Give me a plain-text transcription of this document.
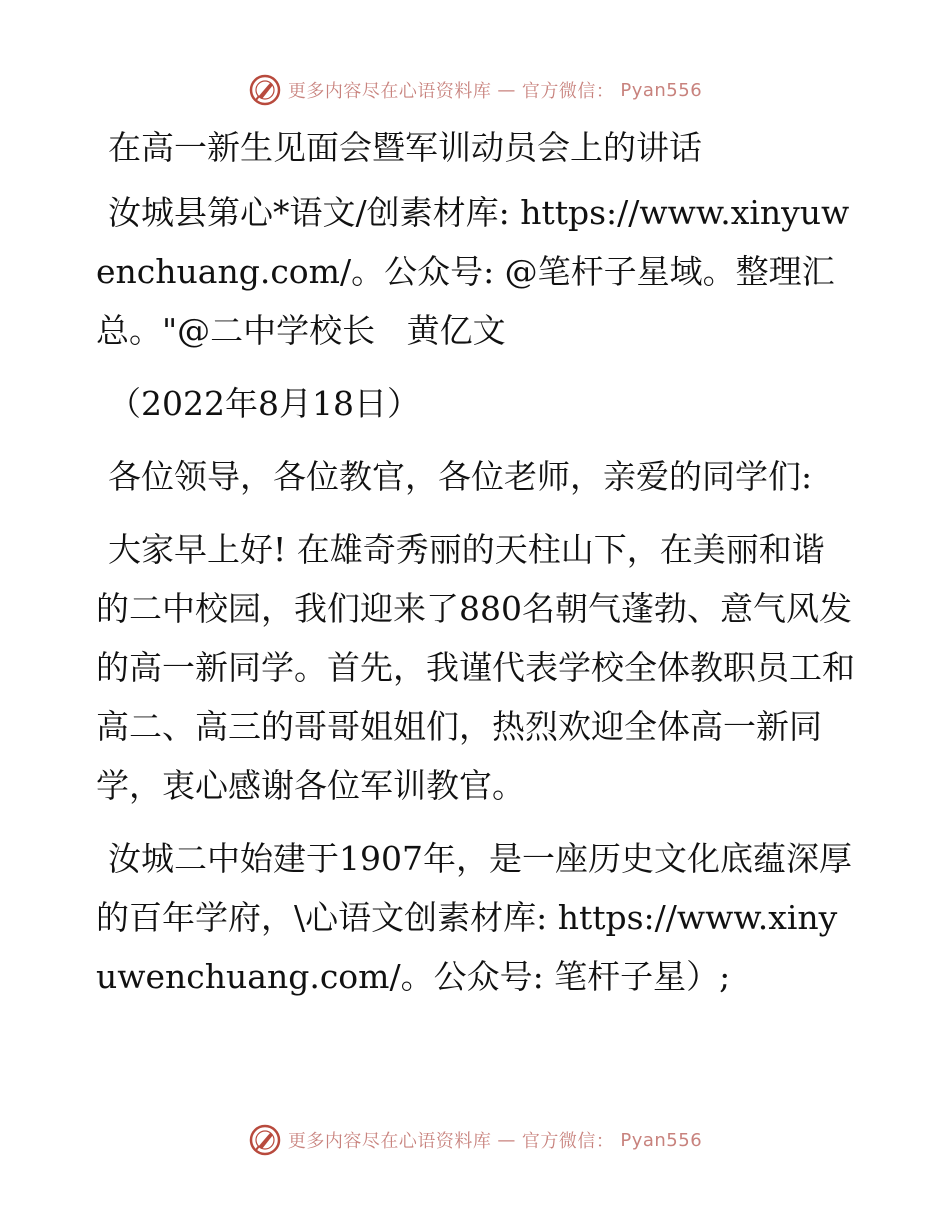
更多内容尽在心语资料库 — 官方微信： Pyan556

在高一新生见面会暨军训动员会上的讲话

汝城县第心*语文/创素材库: https://www.xinyuwenchuang.com/。公众号: @笔杆子星域。整理汇总。"@二中学校长   黄亿文

（2022年8月18日）

各位领导，各位教官，各位老师，亲爱的同学们:

大家早上好! 在雄奇秀丽的天柱山下，在美丽和谐的二中校园，我们迎来了880名朝气蓬勃、意气风发的高一新同学。首先，我谨代表学校全体教职员工和高二、高三的哥哥姐姐们，热烈欢迎全体高一新同学，衷心感谢各位军训教官。

汝城二中始建于1907年，是一座历史文化底蕴深厚的百年学府，\心语文创素材库: https://www.xinyuwenchuang.com/。公众号: 笔杆子星）;

更多内容尽在心语资料库 — 官方微信： Pyan556
